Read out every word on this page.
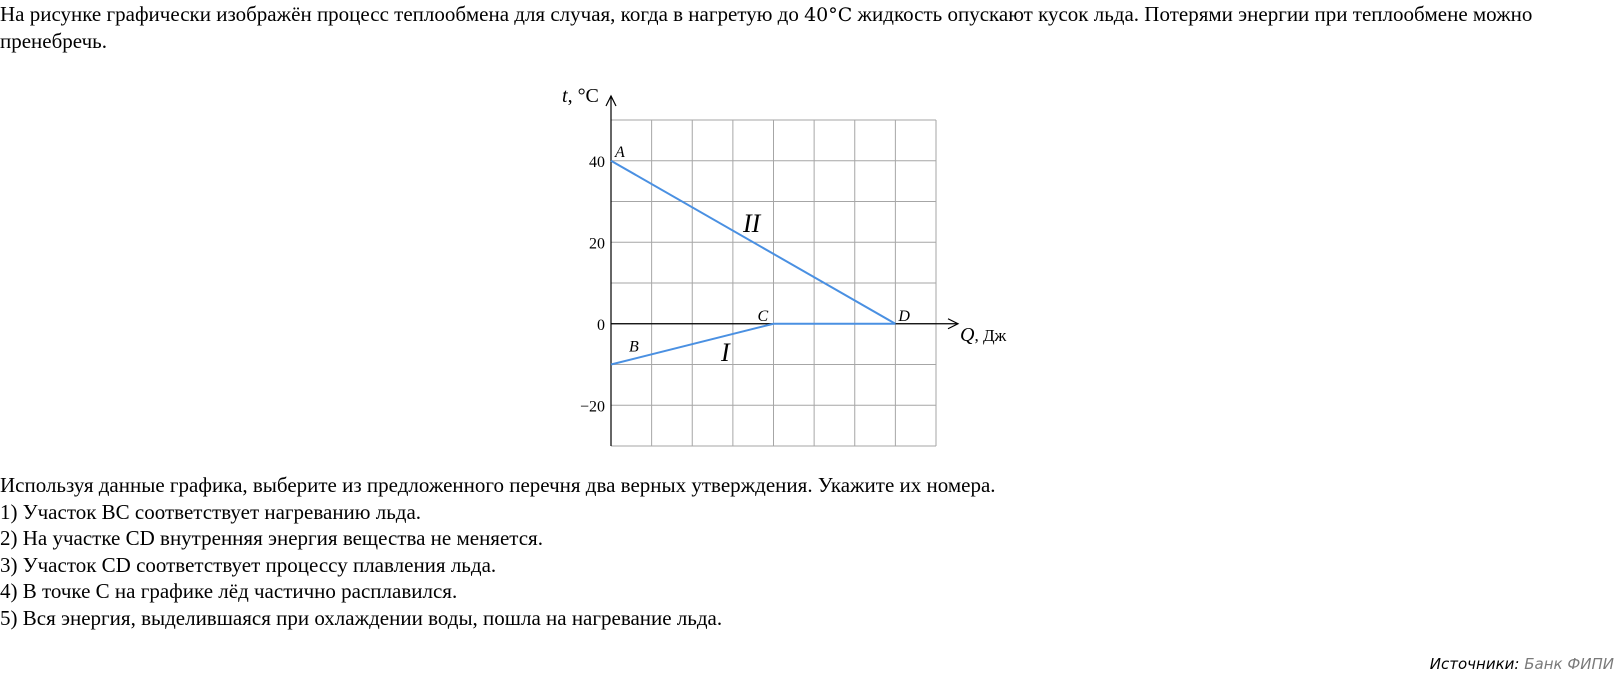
На рисунке графически изображён процесс теплообмена для случая, когда в нагретую до 40°C жидкость опускают кусок льда. Потерями энергии при теплообмене можно пренебречь.

40
20
0
−20
t, °C
Q, Дж
I
II
A
B
C	D
Используя данные графика, выберите из предложенного перечня два верных утверждения. Укажите их номера.
1) Участок BC соответствует нагреванию льда.
2) На участке CD внутренняя энергия вещества не меняется.
3) Участок CD соответствует процессу плавления льда.
4) В точке C на графике лёд частично расплавился.
5) Вся энергия, выделившаяся при охлаждении воды, пошла на нагревание льда.
Источники: Банк ФИПИ
